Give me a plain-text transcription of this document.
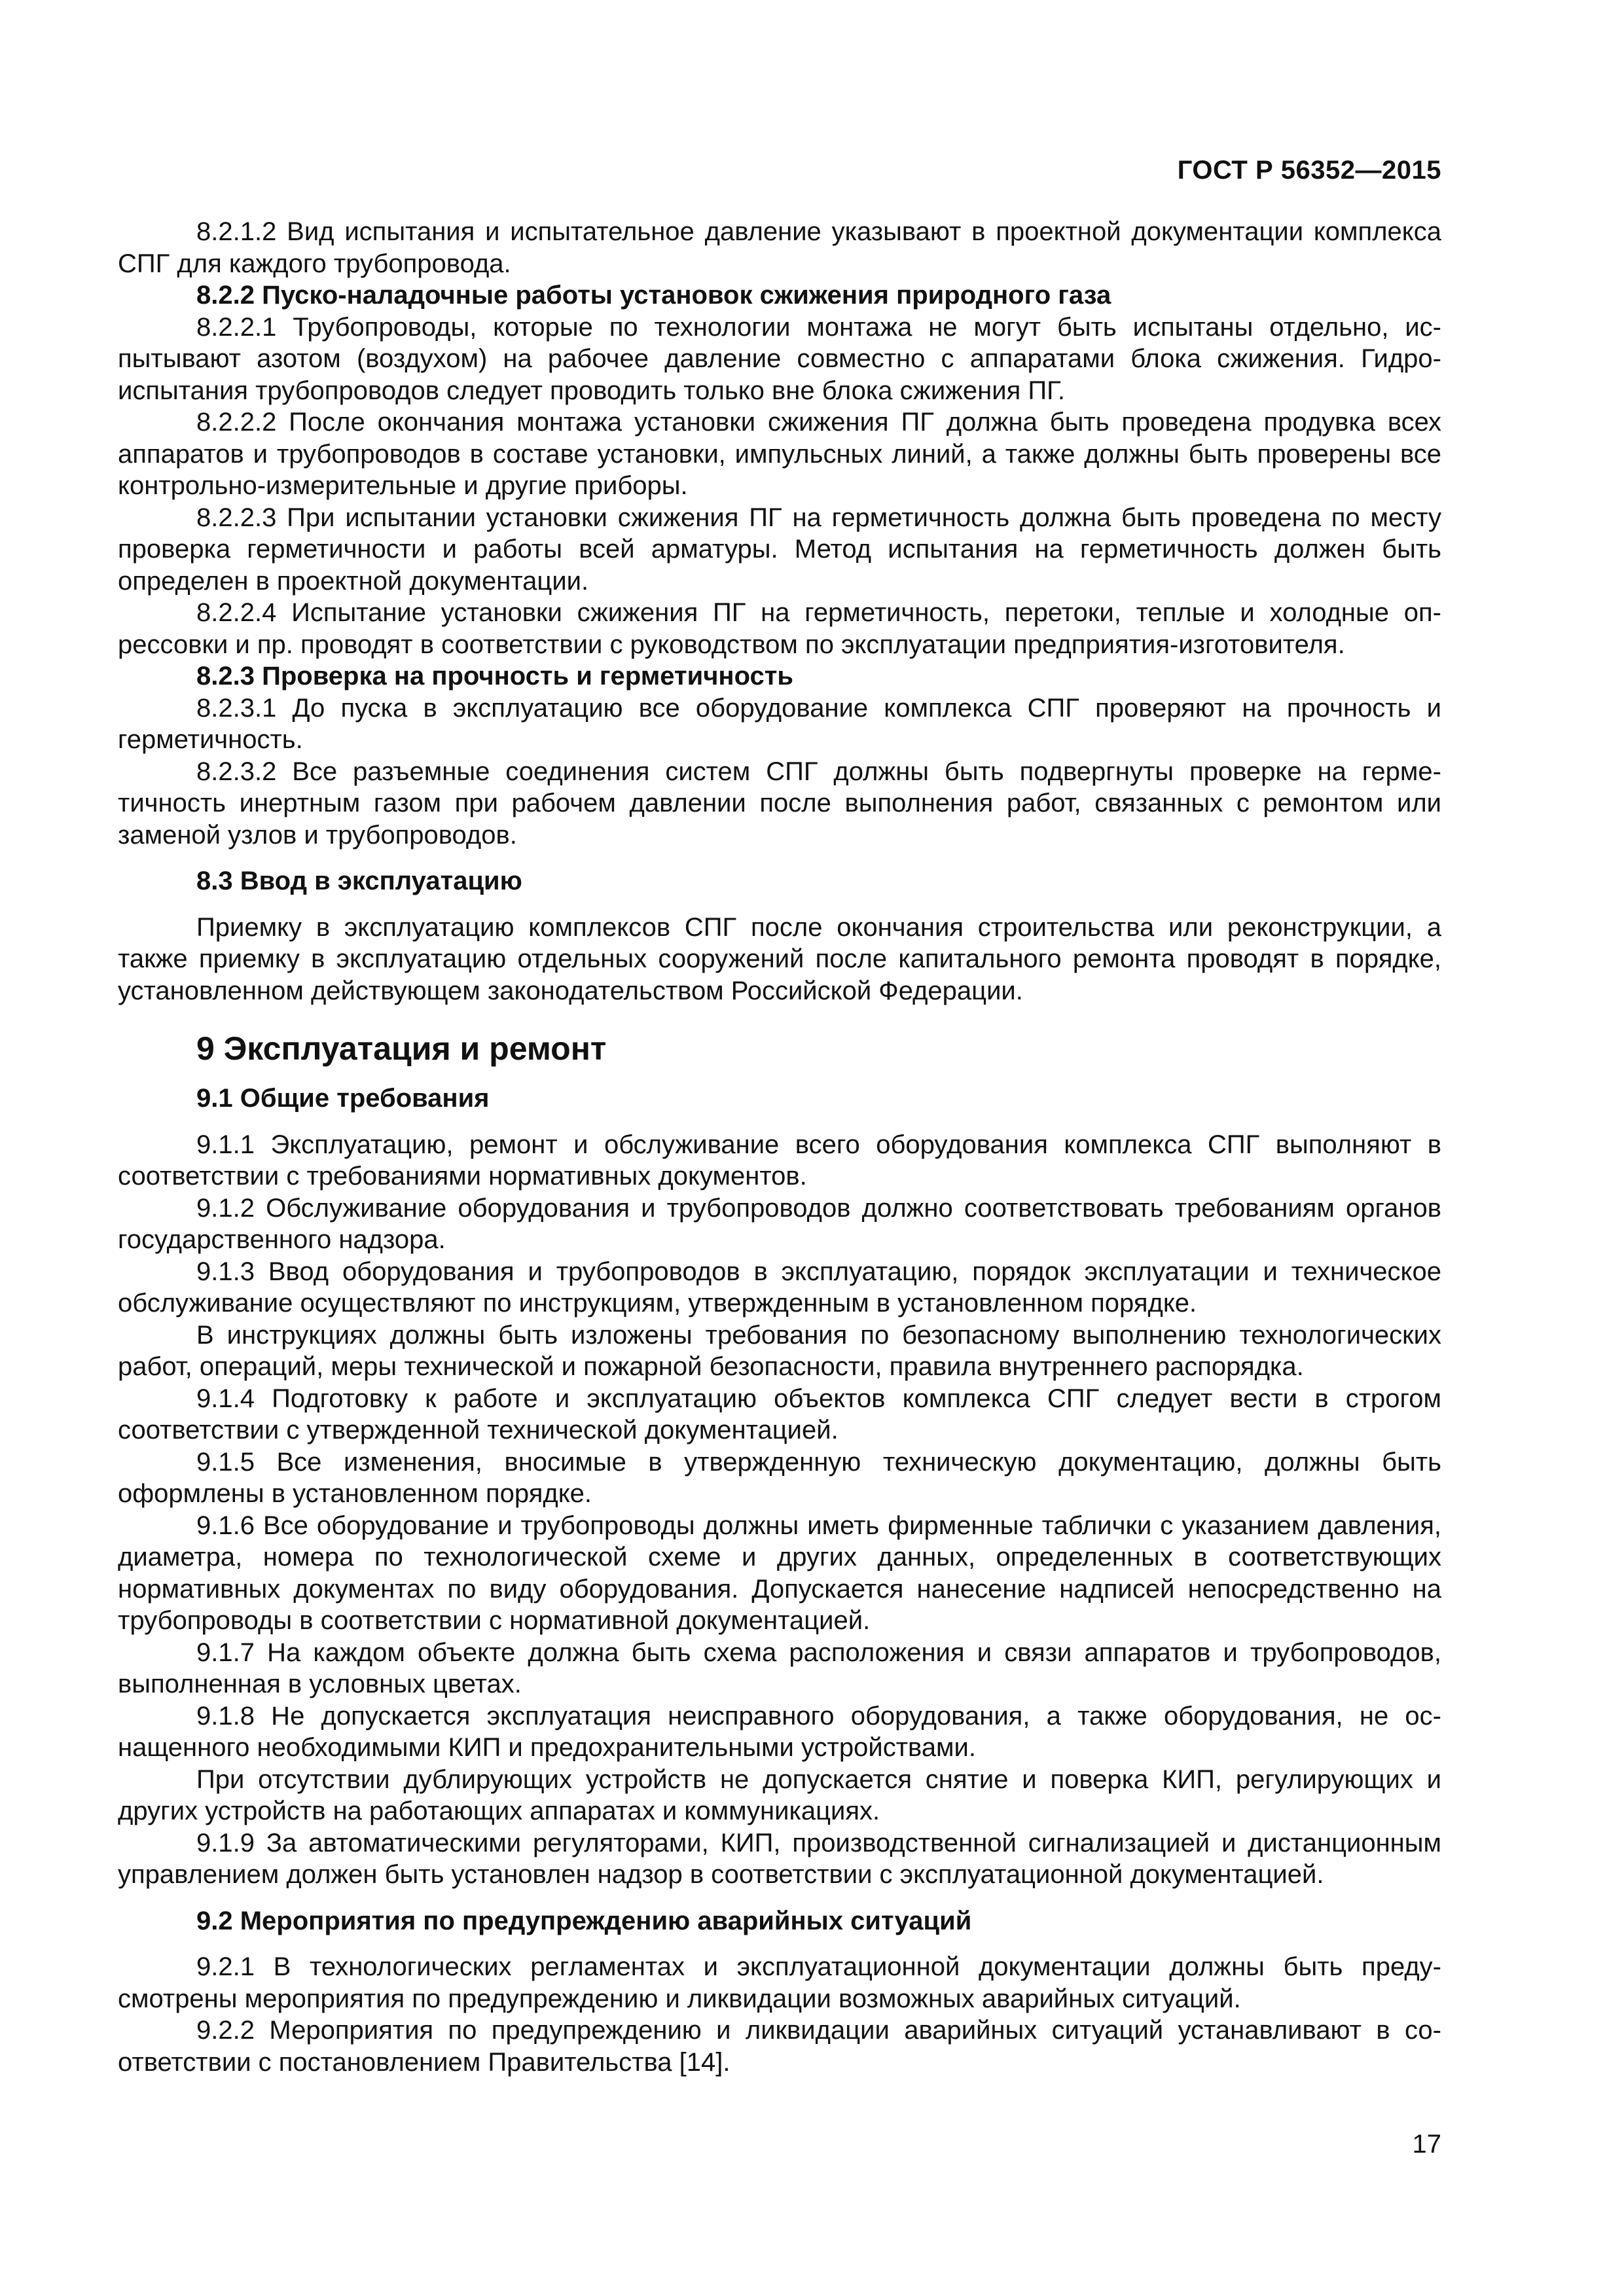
ГОСТ Р 56352—2015

8.2.1.2 Вид испытания и испытательное давление указывают в проектной документации комплекса СПГ для каждого трубопровода.

8.2.2 Пуско-наладочные работы установок сжижения природного газа

8.2.2.1 Трубопроводы, которые по технологии монтажа не могут быть испытаны отдельно, испытывают азотом (воздухом) на рабочее давление совместно с аппаратами блока сжижения. Гидроиспытания трубопроводов следует проводить только вне блока сжижения ПГ.

8.2.2.2 После окончания монтажа установки сжижения ПГ должна быть проведена продувка всех аппаратов и трубопроводов в составе установки, импульсных линий, а также должны быть проверены все контрольно-измерительные и другие приборы.

8.2.2.3 При испытании установки сжижения ПГ на герметичность должна быть проведена по месту проверка герметичности и работы всей арматуры. Метод испытания на герметичность должен быть определен в проектной документации.

8.2.2.4 Испытание установки сжижения ПГ на герметичность, перетоки, теплые и холодные опрессовки и пр. проводят в соответствии с руководством по эксплуатации предприятия-изготовителя.

8.2.3 Проверка на прочность и герметичность

8.2.3.1 До пуска в эксплуатацию все оборудование комплекса СПГ проверяют на прочность и герметичность.

8.2.3.2 Все разъемные соединения систем СПГ должны быть подвергнуты проверке на герметичность инертным газом при рабочем давлении после выполнения работ, связанных с ремонтом или заменой узлов и трубопроводов.

8.3 Ввод в эксплуатацию

Приемку в эксплуатацию комплексов СПГ после окончания строительства или реконструкции, а также приемку в эксплуатацию отдельных сооружений после капитального ремонта проводят в порядке, установленном действующем законодательством Российской Федерации.

9 Эксплуатация и ремонт
9.1 Общие требования

9.1.1 Эксплуатацию, ремонт и обслуживание всего оборудования комплекса СПГ выполняют в соответствии с требованиями нормативных документов.

9.1.2 Обслуживание оборудования и трубопроводов должно соответствовать требованиям органов государственного надзора.

9.1.3 Ввод оборудования и трубопроводов в эксплуатацию, порядок эксплуатации и техническое обслуживание осуществляют по инструкциям, утвержденным в установленном порядке.

В инструкциях должны быть изложены требования по безопасному выполнению технологических работ, операций, меры технической и пожарной безопасности, правила внутреннего распорядка.

9.1.4 Подготовку к работе и эксплуатацию объектов комплекса СПГ следует вести в строгом соответствии с утвержденной технической документацией.

9.1.5 Все изменения, вносимые в утвержденную техническую документацию, должны быть оформлены в установленном порядке.

9.1.6 Все оборудование и трубопроводы должны иметь фирменные таблички с указанием давления, диаметра, номера по технологической схеме и других данных, определенных в соответствующих нормативных документах по виду оборудования. Допускается нанесение надписей непосредственно на трубопроводы в соответствии с нормативной документацией.

9.1.7 На каждом объекте должна быть схема расположения и связи аппаратов и трубопроводов, выполненная в условных цветах.

9.1.8 Не допускается эксплуатация неисправного оборудования, а также оборудования, не оснащенного необходимыми КИП и предохранительными устройствами.

При отсутствии дублирующих устройств не допускается снятие и поверка КИП, регулирующих и других устройств на работающих аппаратах и коммуникациях.

9.1.9 За автоматическими регуляторами, КИП, производственной сигнализацией и дистанционным управлением должен быть установлен надзор в соответствии с эксплуатационной документацией.

9.2 Мероприятия по предупреждению аварийных ситуаций

9.2.1 В технологических регламентах и эксплуатационной документации должны быть предусмотрены мероприятия по предупреждению и ликвидации возможных аварийных ситуаций.

9.2.2 Мероприятия по предупреждению и ликвидации аварийных ситуаций устанавливают в соответствии с постановлением Правительства [14].

17
